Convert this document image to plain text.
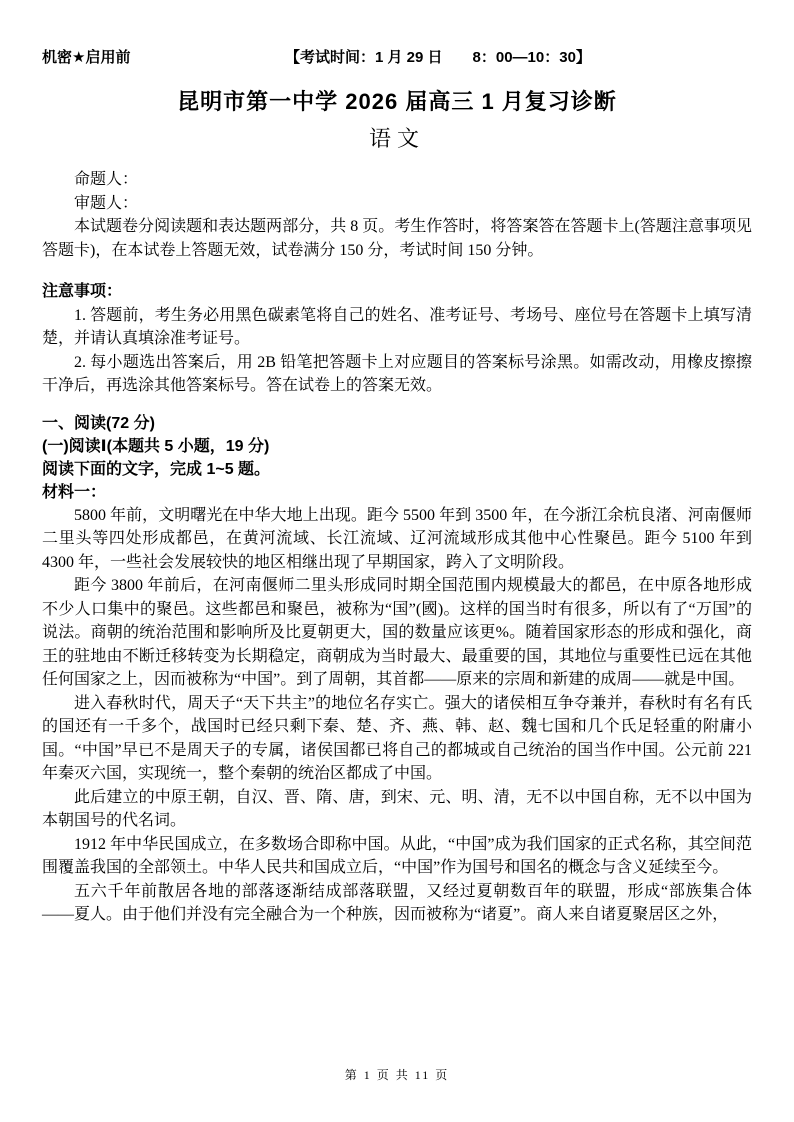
机密★启用前	【考试时间：1 月 29 日　　8：00—10：30】
昆明市第一中学 2026 届高三 1 月复习诊断
语文

命题人：

审题人：

本试题卷分阅读题和表达题两部分，共 8 页。考生作答时，将答案答在答题卡上(答题注意事项见答题卡)，在本试卷上答题无效，试卷满分 150 分，考试时间 150 分钟。

注意事项：

1. 答题前，考生务必用黑色碳素笔将自己的姓名、准考证号、考场号、座位号在答题卡上填写清楚，并请认真填涂准考证号。

2. 每小题选出答案后，用 2B 铅笔把答题卡上对应题目的答案标号涂黑。如需改动，用橡皮擦擦干净后，再选涂其他答案标号。答在试卷上的答案无效。

一、阅读(72 分)

(一)阅读Ⅰ(本题共 5 小题，19 分)

阅读下面的文字，完成 1~5 题。

材料一：

5800 年前，文明曙光在中华大地上出现。距今 5500 年到 3500 年，在今浙江余杭良渚、河南偃师二里头等四处形成都邑，在黄河流域、长江流域、辽河流域形成其他中心性聚邑。距今 5100 年到 4300 年，一些社会发展较快的地区相继出现了早期国家，跨入了文明阶段。

距今 3800 年前后，在河南偃师二里头形成同时期全国范围内规模最大的都邑，在中原各地形成不少人口集中的聚邑。这些都邑和聚邑，被称为“国”(國)。这样的国当时有很多，所以有了“万国”的说法。商朝的统治范围和影响所及比夏朝更大，国的数量应该更%。随着国家形态的形成和强化，商王的驻地由不断迁移转变为长期稳定，商朝成为当时最大、最重要的国，其地位与重要性已远在其他任何国家之上，因而被称为“中国”。到了周朝，其首都——原来的宗周和新建的成周——就是中国。

进入春秋时代，周天子“天下共主”的地位名存实亡。强大的诸侯相互争夺兼并，春秋时有名有氏的国还有一千多个，战国时已经只剩下秦、楚、齐、燕、韩、赵、魏七国和几个氏足轻重的附庸小国。“中国”早已不是周天子的专属，诸侯国都已将自己的都城或自己统治的国当作中国。公元前 221 年秦灭六国，实现统一，整个秦朝的统治区都成了中国。

此后建立的中原王朝，自汉、晋、隋、唐，到宋、元、明、清，无不以中国自称，无不以中国为本朝国号的代名词。

1912 年中华民国成立，在多数场合即称中国。从此，“中国”成为我们国家的正式名称，其空间范围覆盖我国的全部领土。中华人民共和国成立后，“中国”作为国号和国名的概念与含义延续至今。

五六千年前散居各地的部落逐渐结成部落联盟，又经过夏朝数百年的联盟，形成“部族集合体——夏人。由于他们并没有完全融合为一个种族，因而被称为“诸夏”。商人来自诸夏聚居区之外，

第 1 页 共 11 页
